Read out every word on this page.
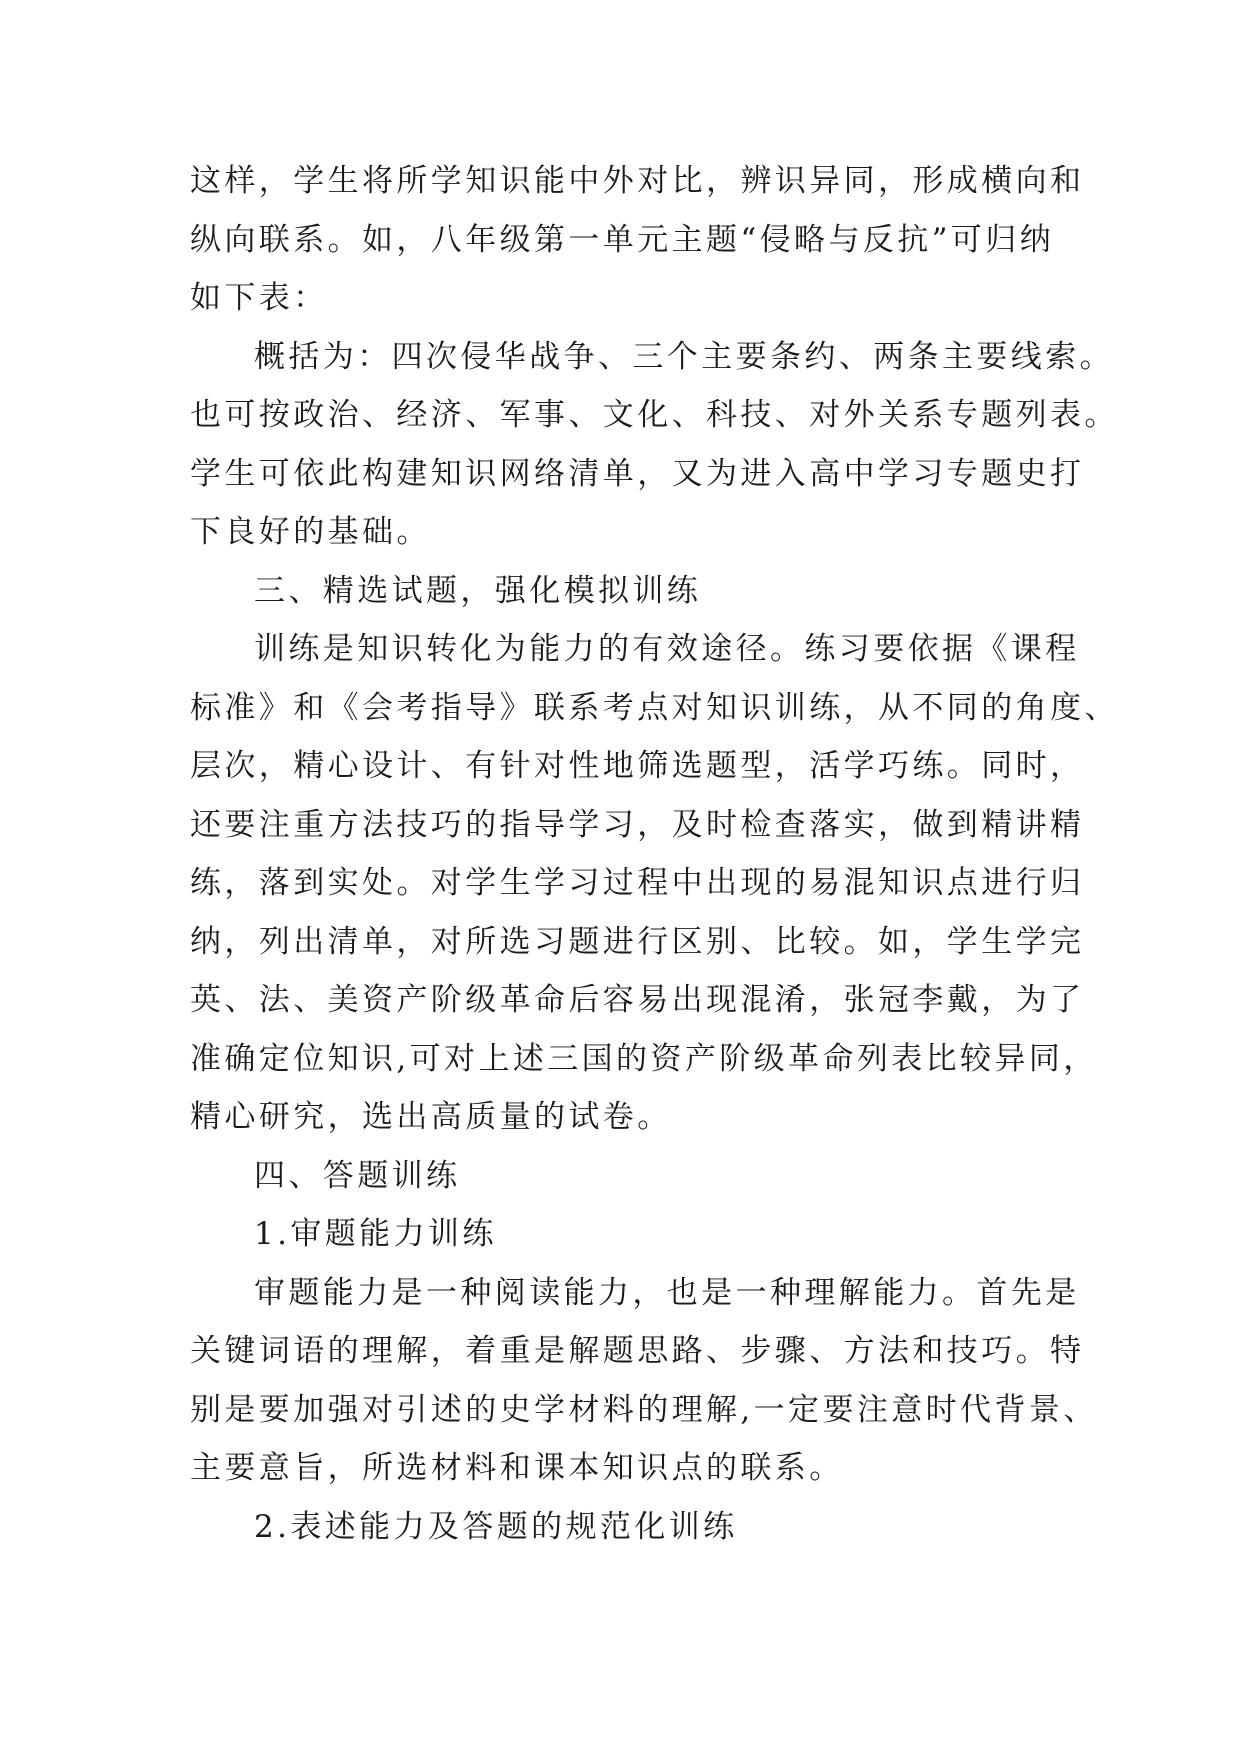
这样，学生将所学知识能中外对比，辨识异同，形成横向和
纵向联系。如，八年级第一单元主题“侵略与反抗”可归纳
如下表：
概括为：四次侵华战争、三个主要条约、两条主要线索。
也可按政治、经济、军事、文化、科技、对外关系专题列表。
学生可依此构建知识网络清单，又为进入高中学习专题史打
下良好的基础。
三、精选试题，强化模拟训练
训练是知识转化为能力的有效途径。练习要依据《课程
标准》和《会考指导》联系考点对知识训练，从不同的角度、
层次，精心设计、有针对性地筛选题型，活学巧练。同时，
还要注重方法技巧的指导学习，及时检查落实，做到精讲精
练，落到实处。对学生学习过程中出现的易混知识点进行归
纳，列出清单，对所选习题进行区别、比较。如，学生学完
英、法、美资产阶级革命后容易出现混淆，张冠李戴，为了
准确定位知识,可对上述三国的资产阶级革命列表比较异同，
精心研究，选出高质量的试卷。
四、答题训练
1.审题能力训练
审题能力是一种阅读能力，也是一种理解能力。首先是
关键词语的理解，着重是解题思路、步骤、方法和技巧。特
别是要加强对引述的史学材料的理解,一定要注意时代背景、
主要意旨，所选材料和课本知识点的联系。
2.表述能力及答题的规范化训练
